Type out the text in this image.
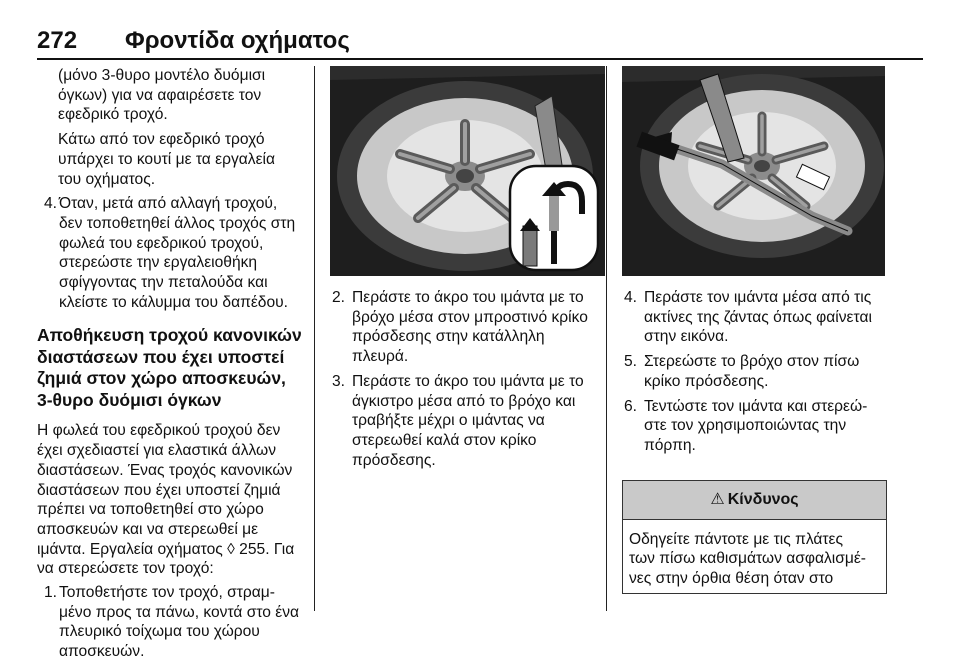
272 Φροντίδα οχήματος

(μόνο 3-θυρο μοντέλο δυόμισι

όγκων) για να αφαιρέσετε τον

εφεδρικό τροχό.

Κάτω από τον εφεδρικό τροχό

υπάρχει το κουτί με τα εργαλεία

του οχήματος.

4. Όταν, μετά από αλλαγή τροχού,

δεν τοποθετηθεί άλλος τροχός στη

φωλεά του εφεδρικού τροχού,

στερεώστε την εργαλειοθήκη

σφίγγοντας την πεταλούδα και

κλείστε το κάλυμμα του δαπέδου.

Αποθήκευση τροχού κανονικών
διαστάσεων που έχει υποστεί
ζημιά στον χώρο αποσκευών,
3-θυρο δυόμισι όγκων

Η φωλεά του εφεδρικού τροχού δεν

έχει σχεδιαστεί για ελαστικά άλλων

διαστάσεων. Ένας τροχός κανονικών

διαστάσεων που έχει υποστεί ζημιά

πρέπει να τοποθετηθεί στο χώρο

αποσκευών και να στερεωθεί με

ιμάντα. Εργαλεία οχήματος ◊ 255. Για

να στερεώσετε τον τροχό:

1. Τοποθετήστε τον τροχό, στραμ-

μένο προς τα πάνω, κοντά στο ένα

πλευρικό τοίχωμα του χώρου

αποσκευών.

2. Περάστε το άκρο του ιμάντα με το

βρόχο μέσα στον μπροστινό κρίκο

πρόσδεσης στην κατάλληλη

πλευρά.

3. Περάστε το άκρο του ιμάντα με το

άγκιστρο μέσα από το βρόχο και

τραβήξτε μέχρι ο ιμάντας να

στερεωθεί καλά στον κρίκο

πρόσδεσης.

4. Περάστε τον ιμάντα μέσα από τις

ακτίνες της ζάντας όπως φαίνεται

στην εικόνα.

5. Στερεώστε το βρόχο στον πίσω

κρίκο πρόσδεσης.

6. Τεντώστε τον ιμάντα και στερεώ-

στε τον χρησιμοποιώντας την

πόρπη.

⚠ Κίνδυνος

Οδηγείτε πάντοτε με τις πλάτες

των πίσω καθισμάτων ασφαλισμέ-

νες στην όρθια θέση όταν στο
